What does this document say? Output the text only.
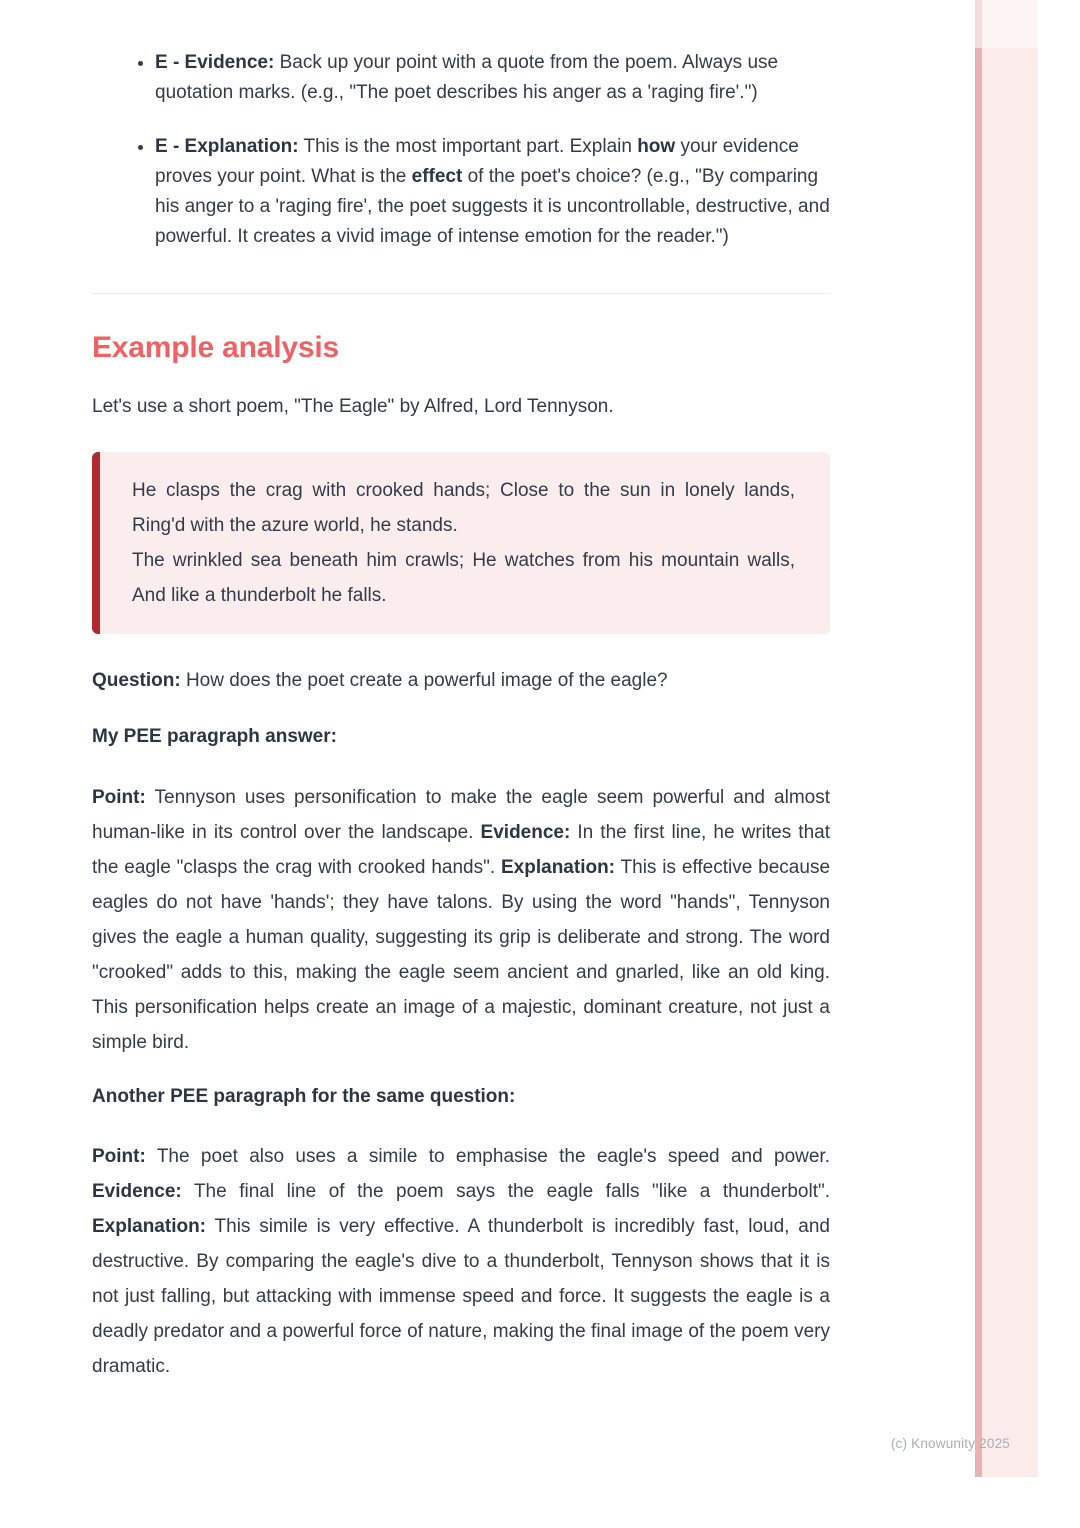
• E - Evidence: Back up your point with a quote from the poem. Always use quotation marks. (e.g., "The poet describes his anger as a 'raging fire'.")
• E - Explanation: This is the most important part. Explain how your evidence proves your point. What is the effect of the poet's choice? (e.g., "By comparing his anger to a 'raging fire', the poet suggests it is uncontrollable, destructive, and powerful. It creates a vivid image of intense emotion for the reader.")
Example analysis

Let's use a short poem, "The Eagle" by Alfred, Lord Tennyson.

He clasps the crag with crooked hands; Close to the sun in lonely lands, Ring'd with the azure world, he stands.

The wrinkled sea beneath him crawls; He watches from his mountain walls, And like a thunderbolt he falls.

Question: How does the poet create a powerful image of the eagle?

My PEE paragraph answer:

Point: Tennyson uses personification to make the eagle seem powerful and almost human-like in its control over the landscape. Evidence: In the first line, he writes that the eagle "clasps the crag with crooked hands". Explanation: This is effective because eagles do not have 'hands'; they have talons. By using the word "hands", Tennyson gives the eagle a human quality, suggesting its grip is deliberate and strong. The word "crooked" adds to this, making the eagle seem ancient and gnarled, like an old king. This personification helps create an image of a majestic, dominant creature, not just a simple bird.

Another PEE paragraph for the same question:

Point: The poet also uses a simile to emphasise the eagle's speed and power. Evidence: The final line of the poem says the eagle falls "like a thunderbolt". Explanation: This simile is very effective. A thunderbolt is incredibly fast, loud, and destructive. By comparing the eagle's dive to a thunderbolt, Tennyson shows that it is not just falling, but attacking with immense speed and force. It suggests the eagle is a deadly predator and a powerful force of nature, making the final image of the poem very dramatic.

(c) Knowunity 2025
